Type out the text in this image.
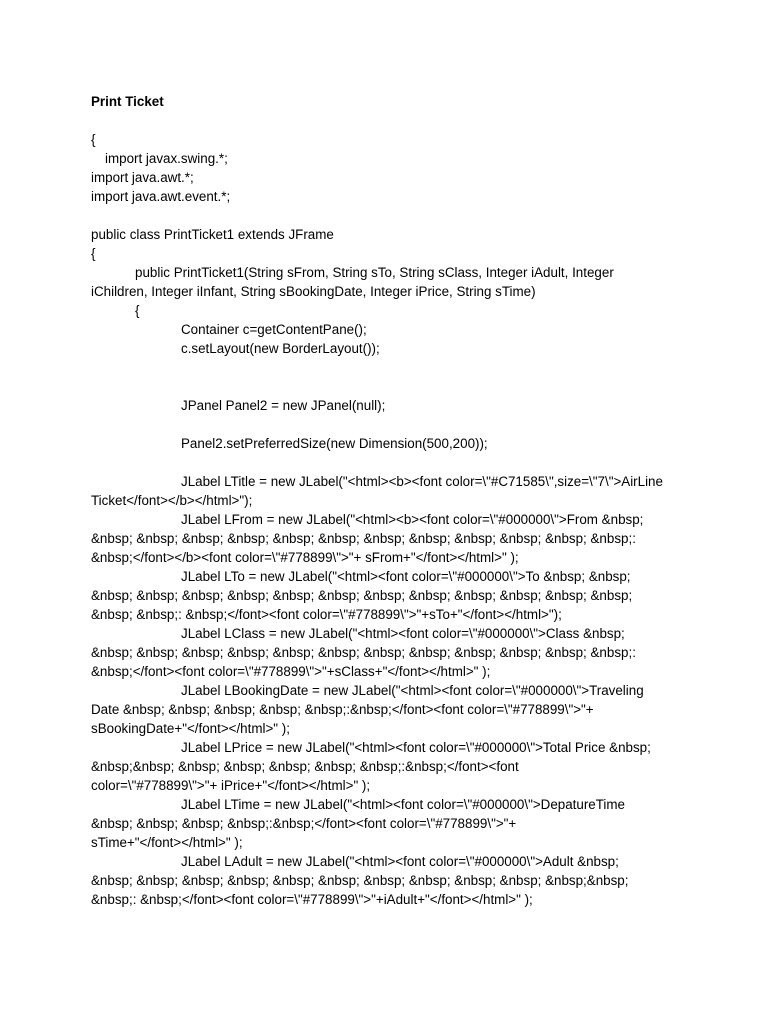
Print Ticket
{
import javax.swing.*;
import java.awt.*;
import java.awt.event.*;
public class PrintTicket1 extends JFrame
{
public PrintTicket1(String sFrom, String sTo, String sClass, Integer iAdult, Integer
iChildren, Integer iInfant, String sBookingDate, Integer iPrice, String sTime)
{
Container c=getContentPane();
c.setLayout(new BorderLayout());
JPanel Panel2 = new JPanel(null);
Panel2.setPreferredSize(new Dimension(500,200));
JLabel LTitle = new JLabel("<html><b><font color=\"#C71585\",size=\"7\">AirLine
Ticket</font></b></html>");
JLabel LFrom = new JLabel("<html><b><font color=\"#000000\">From &nbsp;
&nbsp; &nbsp; &nbsp; &nbsp; &nbsp; &nbsp; &nbsp; &nbsp; &nbsp; &nbsp; &nbsp; &nbsp;:
&nbsp;</font></b><font color=\"#778899\">"+ sFrom+"</font></html>" );
JLabel LTo = new JLabel("<html><font color=\"#000000\">To &nbsp; &nbsp;
&nbsp; &nbsp; &nbsp; &nbsp; &nbsp; &nbsp; &nbsp; &nbsp; &nbsp; &nbsp; &nbsp; &nbsp;
&nbsp; &nbsp;: &nbsp;</font><font color=\"#778899\">"+sTo+"</font></html>");
JLabel LClass = new JLabel("<html><font color=\"#000000\">Class &nbsp;
&nbsp; &nbsp; &nbsp; &nbsp; &nbsp; &nbsp; &nbsp; &nbsp; &nbsp; &nbsp; &nbsp; &nbsp;:
&nbsp;</font><font color=\"#778899\">"+sClass+"</font></html>" );
JLabel LBookingDate = new JLabel("<html><font color=\"#000000\">Traveling
Date &nbsp; &nbsp; &nbsp; &nbsp; &nbsp;:&nbsp;</font><font color=\"#778899\">"+
sBookingDate+"</font></html>" );
JLabel LPrice = new JLabel("<html><font color=\"#000000\">Total Price &nbsp;
&nbsp;&nbsp; &nbsp; &nbsp; &nbsp; &nbsp; &nbsp;:&nbsp;</font><font
color=\"#778899\">"+ iPrice+"</font></html>" );
JLabel LTime = new JLabel("<html><font color=\"#000000\">DepatureTime
&nbsp; &nbsp; &nbsp; &nbsp;:&nbsp;</font><font color=\"#778899\">"+
sTime+"</font></html>" );
JLabel LAdult = new JLabel("<html><font color=\"#000000\">Adult &nbsp;
&nbsp; &nbsp; &nbsp; &nbsp; &nbsp; &nbsp; &nbsp; &nbsp; &nbsp; &nbsp; &nbsp;&nbsp;
&nbsp;: &nbsp;</font><font color=\"#778899\">"+iAdult+"</font></html>" );
